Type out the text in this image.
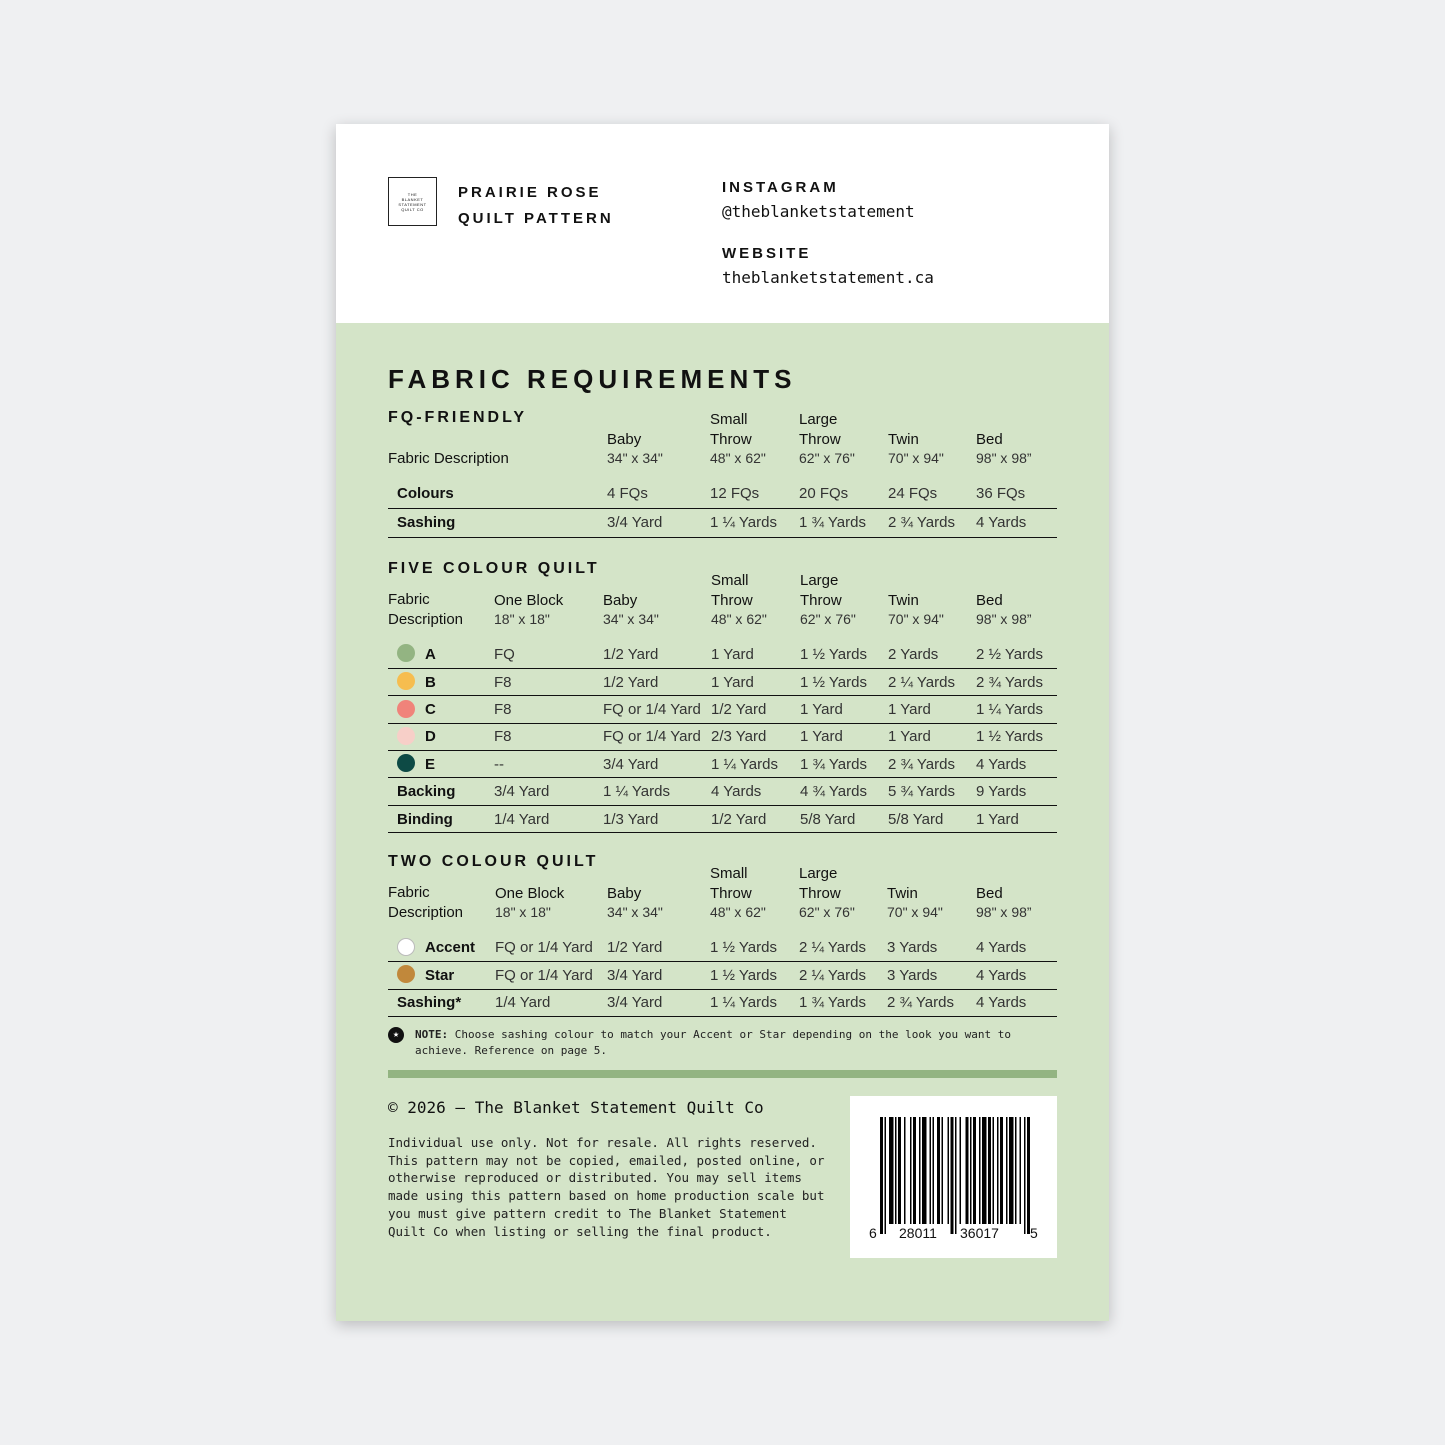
THE
BLANKET
STATEMENT
QUILT CO
PRAIRIE ROSE
QUILT PATTERN
INSTAGRAM
@theblanketstatement
WEBSITE
theblanketstatement.ca
FABRIC REQUIREMENTS
FQ-FRIENDLY
Fabric Description

Baby
34" x 34"
Small
Throw
48" x 62"
Large
Throw
62" x 76"

Twin
70" x 94"

Bed
98" x 98”
Colours	4 FQs	12 FQs	20 FQs	24 FQs	36 FQs
Sashing	3/4 Yard	1 ¼ Yards	1 ¾ Yards	2 ¾ Yards	4 Yards
FIVE COLOUR QUILT
Fabric
Description

One Block
18" x 18"

Baby
34" x 34"
Small
Throw
48" x 62"
Large
Throw
62" x 76"

Twin
70" x 94"

Bed
98" x 98”
A	FQ	1/2 Yard	1 Yard	1 ½ Yards	2 Yards	2 ½ Yards
B	F8	1/2 Yard	1 Yard	1 ½ Yards	2 ¼ Yards	2 ¾ Yards
C	F8	FQ or 1/4 Yard	1/2 Yard	1 Yard	1 Yard	1 ¼ Yards
D	F8	FQ or 1/4 Yard	2/3 Yard	1 Yard	1 Yard	1 ½ Yards
E	--	3/4 Yard	1 ¼ Yards	1 ¾ Yards	2 ¾ Yards	4 Yards
Backing	3/4 Yard	1 ¼ Yards	4 Yards	4 ¾ Yards	5 ¾ Yards	9 Yards
Binding	1/4 Yard	1/3 Yard	1/2 Yard	5/8 Yard	5/8 Yard	1 Yard
TWO COLOUR QUILT
Fabric
Description

One Block
18" x 18"

Baby
34" x 34"
Small
Throw
48" x 62"
Large
Throw
62" x 76"

Twin
70" x 94"

Bed
98" x 98”
Accent	FQ or 1/4 Yard	1/2 Yard	1 ½ Yards	2 ¼ Yards	3 Yards	4 Yards
Star	FQ or 1/4 Yard	3/4 Yard	1 ½ Yards	2 ¼ Yards	3 Yards	4 Yards
Sashing*	1/4 Yard	3/4 Yard	1 ¼ Yards	1 ¾ Yards	2 ¾ Yards	4 Yards
★	NOTE: Choose sashing colour to match your Accent or Star depending on the look you want to achieve. Reference on page 5.
© 2026 – The Blanket Statement Quilt Co
Individual use only. Not for resale. All rights reserved. This pattern may not be copied, emailed, posted online, or otherwise reproduced or distributed. You may sell items made using this pattern based on home production scale but you must give pattern credit to The Blanket Statement Quilt Co when listing or selling the final product.	6 28011 36017 5
